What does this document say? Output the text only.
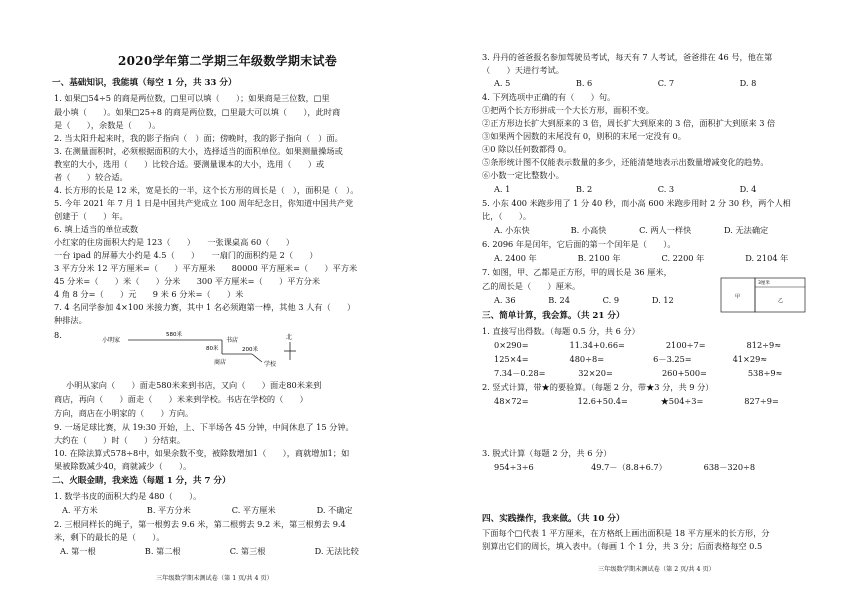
2020学年第二学期三年级数学期末试卷
一、基础知识，我能填（每空 1 分，共 33 分）
1. 如果□54÷5 的商是两位数，□里可以填（　　）；如果商是三位数，□里
最小填（　　）。如果□25÷8 的商是两位数，□里最大可以填（　　），此时商
是（　　），余数是（　　）。
2. 当太阳升起来时，我的影子指向（　）面；傍晚时，我的影子指向（　）面。
3. 在测量面积时，必须根据面积的大小，选择适当的面积单位。如果测量操场或
教室的大小，选用（　　）比较合适。要测量课本的大小，选用（　　）或
者（　　）较合适。
4. 长方形的长是 12 米，宽是长的一半，这个长方形的周长是（　），面积是（　）。
5. 今年 2021 年 7 月 1 日是中国共产党成立 100 周年纪念日，你知道中国共产党
创建于（　　）年。
6. 填上适当的单位或数
小红家的住房面积大约是 123（　　）　　一张课桌高 60（　　）
一台 ipad 的屏幕大小约是 4.5（　　）　　一扇门的面积约是 2（　　）
3 平方分米 12 平方厘米=（　　）平方厘米　　80000 平方厘米=（　　）平方米
45 分米=（　　）米（　　）分米　　300 平方厘米=（　　）平方分米
4 角 8 分=（　　）元　　9 米 6 分米=（　　）米
7. 4 名同学参加 4×100 米接力赛，其中 1 名必须跑第一棒，其他 3 人有（　　）
种排法。
8.
小明家
580米
书店
80米	200米
商店	学校
北
小明从家向（　　）面走580米来到书店，又向（　　）面走80米来到
商店，再向（　　）面走（　　）米来到学校。书店在学校的（　　）
方向，商店在小明家的（　　）方向。
9. 一场足球比赛，从 19:30 开始，上、下半场各 45 分钟，中间休息了 15 分钟。
大约在（　　）时（　　）分结束。
10. 在除法算式578÷8中，如果余数不变，被除数增加1（　　），商就增加1；如
果被除数减少40，商就减少（　　）。
二、火眼金睛，我来选（每题 1 分，共 7 分）
1. 数学书皮的面积大约是 480（　　）。
A. 平方米　　　　　　B. 平方分米　　　　　C. 平方厘米　　　　　D. 不确定
2. 三根同样长的绳子，第一根剪去 9.6 米，第二根剪去 9.2 米，第三根剪去 9.4
米，剩下的最长的是（　　）。
A. 第一根　　　　　　B. 第二根　　　　　　C. 第三根　　　　　　D. 无法比较
三年级数学期末测试卷（第 1 页/共 4 页）
3. 丹丹的爸爸报名参加驾驶员考试，每天有 7 人考试，爸爸排在 46 号，他在第
（　　）天进行考试。
A. 5　　　　　　　　B. 6　　　　　　　　C. 7　　　　　　　　D. 8
4. 下列选项中正确的有（　　）句。
①把两个长方形拼成一个大长方形，面积不变。
②正方形边长扩大到原来的 3 倍，周长扩大到原来的 3 倍，面积扩大到原来 3 倍
③如果两个因数的末尾没有 0，则积的末尾一定没有 0。
④0 除以任何数都得 0。
⑤条形统计图不仅能表示数量的多少，还能清楚地表示出数量增减变化的趋势。
⑥小数一定比整数小。
A. 1　　　　　　　　B. 2　　　　　　　　C. 3　　　　　　　　D. 4
5. 小东 400 米跑步用了 1 分 40 秒，而小高 600 米跑步用时 2 分 30 秒，两个人相
比，（　　）。
A. 小东快　　　　　B. 小高快　　　　C. 两人一样快　　　　D. 无法确定
6. 2096 年是闰年，它后面的第一个闰年是（　　）。
A. 2400 年　　　　　B. 2100 年　　　　　C. 2200 年　　　　　D. 2104 年
7. 如图，甲、乙都是正方形，甲的周长是 36 厘米，
乙的周长是（　　）厘米。
A. 36　　　　B. 24　　　　C. 9　　　　D. 12	甲
乙
3厘米
三、简单计算，我会算。（共 21 分）
1. 直接写出得数。（每题 0.5 分，共 6 分）
0×290=　　　　　11.34+0.66=　　　　　2100÷7=　　　　　812÷9≈
125×4=　　　　　480÷8=　　　　　　6－3.25=　　　　　41×29≈
7.34－0.28=　　　　32×20=　　　　　　260+500=　　　　　538÷9≈
2. 竖式计算，带★的要验算。（每题 2 分，带★3 分，共 9 分）
48×72=　　　　　　12.6+50.4=　　　　★504÷3=　　　　　827÷9=
3. 脱式计算（每题 2 分，共 6 分）
954÷3÷6　　　　　　　49.7－（8.8+6.7）　　　　　638－320÷8
四、实践操作，我来做。（共 10 分）
下面每个□代表 1 平方厘米，在方格纸上画出面积是 18 平方厘米的长方形，分
别算出它们的周长，填入表中。（每画 1 个 1 分，共 3 分；后面表格每空 0.5
三年级数学期末测试卷（第 2 页/共 4 页）
